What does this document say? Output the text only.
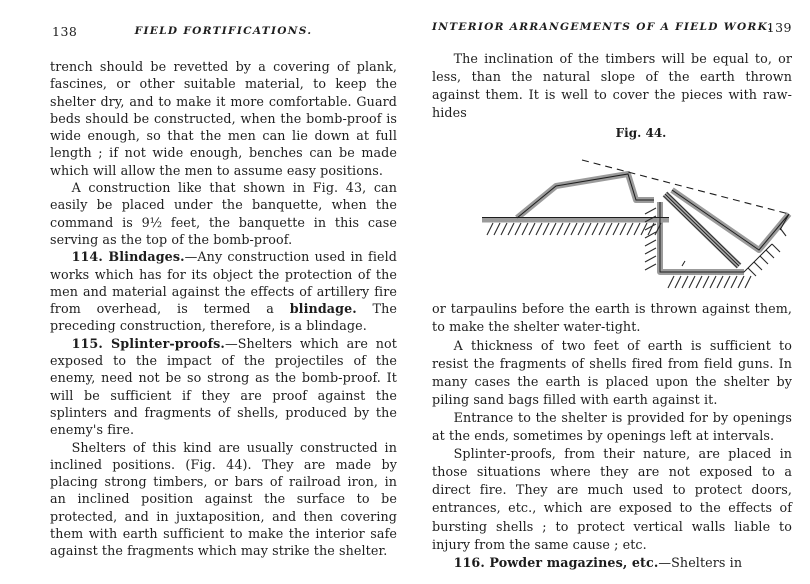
138	FIELD FORTIFICATIONS.

trench should be revetted by a covering of plank, fascines, or other suitable material, to keep the shelter dry, and to make it more comfortable. Guard beds should be constructed, when the bomb-proof is wide enough, so that the men can lie down at full length ; if not wide enough, benches can be made which will allow the men to assume easy positions.

A construction like that shown in Fig. 43, can easily be placed under the banquette, when the command is 9½ feet, the banquette in this case serving as the top of the bomb-proof.

114. Blindages.—Any construction used in field works which has for its object the protection of the men and material against the effects of artillery fire from overhead, is termed a blindage. The preceding construction, therefore, is a blindage.

115. Splinter-proofs.—Shelters which are not exposed to the impact of the projectiles of the enemy, need not be so strong as the bomb-proof. It will be sufficient if they are proof against the splinters and fragments of shells, produced by the enemy's fire.

Shelters of this kind are usually constructed in inclined positions. (Fig. 44). They are made by placing strong timbers, or bars of railroad iron, in an inclined position against the surface to be protected, and in juxtaposition, and then covering them with earth sufficient to make the interior safe against the fragments which may strike the shelter.

INTERIOR ARRANGEMENTS OF A FIELD WORK.
139

The inclination of the timbers will be equal to, or less, than the natural slope of the earth thrown against them. It is well to cover the pieces with raw-hides

Fig. 44.

or tarpaulins before the earth is thrown against them, to make the shelter water-tight.

A thickness of two feet of earth is sufficient to resist the fragments of shells fired from field guns. In many cases the earth is placed upon the shelter by piling sand bags filled with earth against it.

Entrance to the shelter is provided for by openings at the ends, sometimes by openings left at intervals.

Splinter-proofs, from their nature, are placed in those situations where they are not exposed to a direct fire. They are much used to protect doors, entrances, etc., which are exposed to the effects of bursting shells ; to protect vertical walls liable to injury from the same cause ; etc.

116. Powder magazines, etc.—Shelters in
